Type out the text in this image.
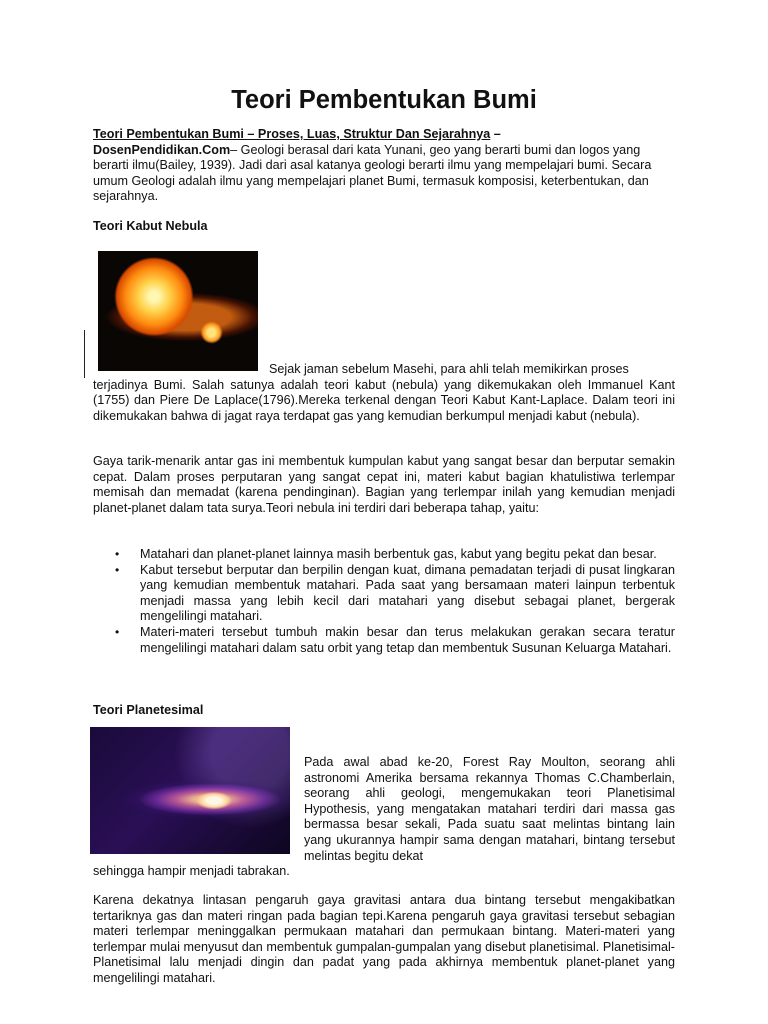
Teori Pembentukan Bumi

Teori Pembentukan Bumi – Proses, Luas, Struktur Dan Sejarahnya –
DosenPendidikan.Com– Geologi berasal dari kata Yunani, geo yang berarti bumi dan logos yang berarti ilmu(Bailey, 1939). Jadi dari asal katanya geologi berarti ilmu yang mempelajari bumi. Secara umum Geologi adalah ilmu yang mempelajari planet Bumi, termasuk komposisi, keterbentukan, dan sejarahnya.

Teori Kabut Nebula

Sejak jaman sebelum Masehi, para ahli telah memikirkan proses

terjadinya Bumi. Salah satunya adalah teori kabut (nebula) yang dikemukakan oleh Immanuel Kant (1755) dan Piere De Laplace(1796).Mereka terkenal dengan Teori Kabut Kant-Laplace. Dalam teori ini dikemukakan bahwa di jagat raya terdapat gas yang kemudian berkumpul menjadi kabut (nebula).

Gaya tarik-menarik antar gas ini membentuk kumpulan kabut yang sangat besar dan berputar semakin cepat. Dalam proses perputaran yang sangat cepat ini, materi kabut bagian khatulistiwa terlempar memisah dan memadat (karena pendinginan). Bagian yang terlempar inilah yang kemudian menjadi planet-planet dalam tata surya.Teori nebula ini terdiri dari beberapa tahap, yaitu:

• Matahari dan planet-planet lainnya masih berbentuk gas, kabut yang begitu pekat dan besar.
• Kabut tersebut berputar dan berpilin dengan kuat, dimana pemadatan terjadi di pusat lingkaran yang kemudian membentuk matahari. Pada saat yang bersamaan materi lainpun terbentuk menjadi massa yang lebih kecil dari matahari yang disebut sebagai planet, bergerak mengelilingi matahari.
• Materi-materi tersebut tumbuh makin besar dan terus melakukan gerakan secara teratur mengelilingi matahari dalam satu orbit yang tetap dan membentuk Susunan Keluarga Matahari.

Teori Planetesimal

Pada awal abad ke-20, Forest Ray Moulton, seorang ahli astronomi Amerika bersama rekannya Thomas C.Chamberlain, seorang ahli geologi, mengemukakan teori Planetisimal Hypothesis, yang mengatakan matahari terdiri dari massa gas bermassa besar sekali, Pada suatu saat melintas bintang lain yang ukurannya hampir sama dengan matahari, bintang tersebut melintas begitu dekat

sehingga hampir menjadi tabrakan.

Karena dekatnya lintasan pengaruh gaya gravitasi antara dua bintang tersebut mengakibatkan tertariknya gas dan materi ringan pada bagian tepi.Karena pengaruh gaya gravitasi tersebut sebagian materi terlempar meninggalkan permukaan matahari dan permukaan bintang. Materi-materi yang terlempar mulai menyusut dan membentuk gumpalan-gumpalan yang disebut planetisimal. Planetisimal- Planetisimal lalu menjadi dingin dan padat yang pada akhirnya membentuk planet-planet yang mengelilingi matahari.
